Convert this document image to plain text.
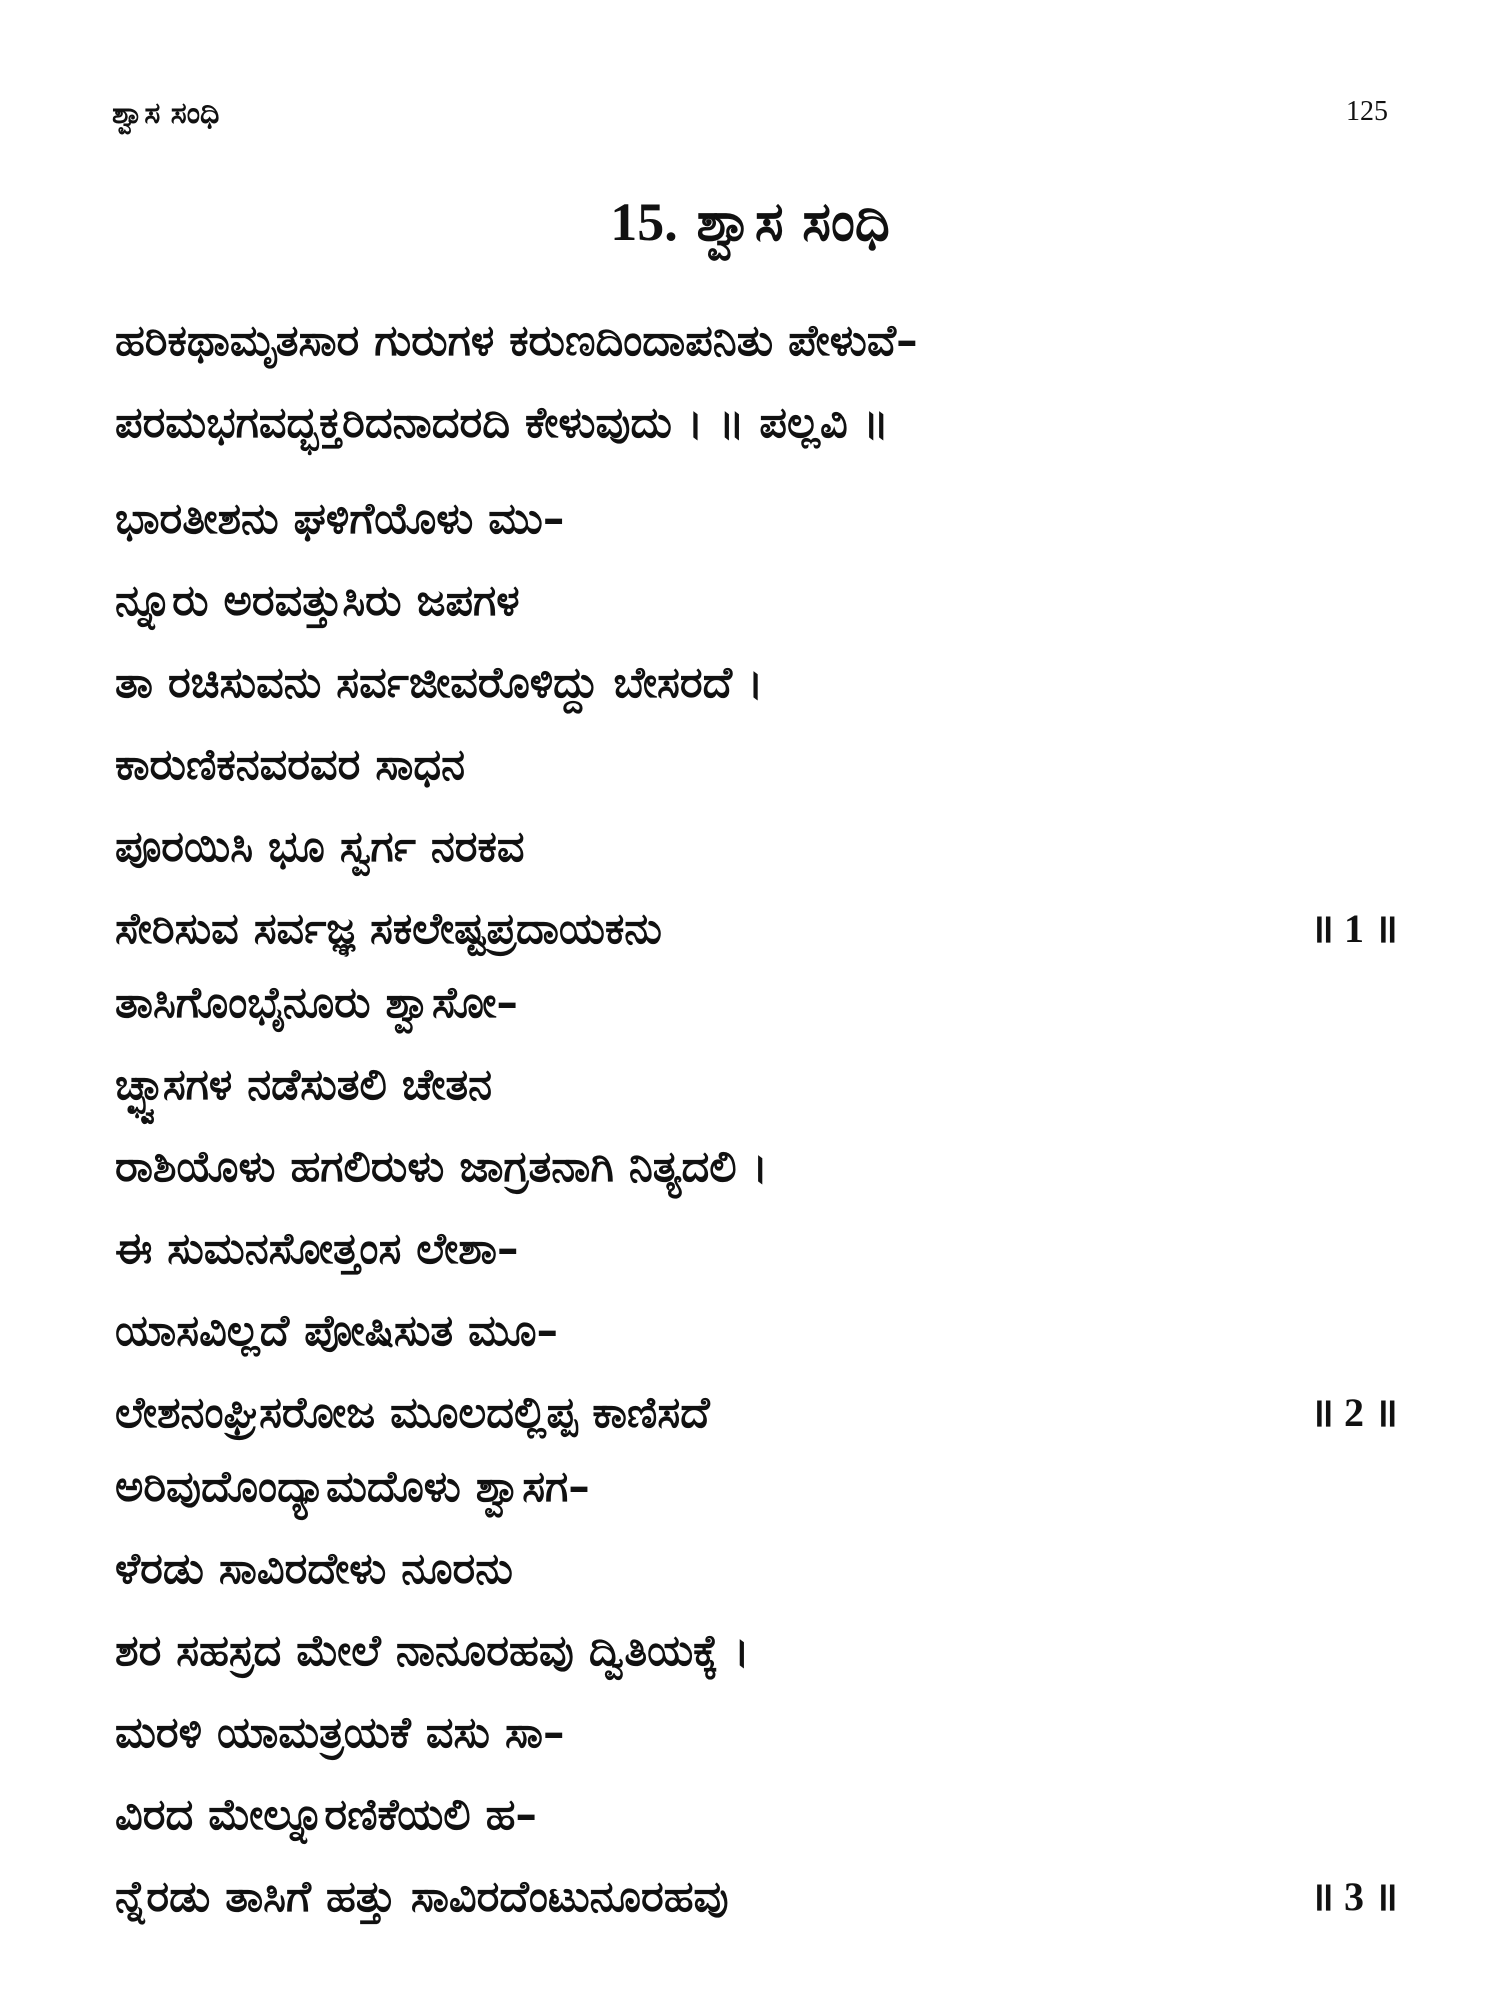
ಶ್ವಾಸ ಸಂಧಿ	125
15. ಶ್ವಾಸ ಸಂಧಿ
ಹರಿಕಥಾಮೃತಸಾರ ಗುರುಗಳ ಕರುಣದಿಂದಾಪನಿತು ಪೇಳುವೆ–
ಪರಮಭಗವದ್ಭಕ್ತರಿದನಾದರದಿ ಕೇಳುವುದು । ॥ ಪಲ್ಲವಿ ॥
ಭಾರತೀಶನು ಘಳಿಗೆಯೊಳು ಮು–
ನ್ನೂರು ಅರವತ್ತುಸಿರು ಜಪಗಳ
ತಾ ರಚಿಸುವನು ಸರ್ವಜೀವರೊಳಿದ್ದು ಬೇಸರದೆ ।
ಕಾರುಣಿಕನವರವರ ಸಾಧನ
ಪೂರಯಿಸಿ ಭೂ ಸ್ವರ್ಗ ನರಕವ
ಸೇರಿಸುವ ಸರ್ವಜ್ಞ ಸಕಲೇಷ್ಟಪ್ರದಾಯಕನು	॥ 1 ॥
ತಾಸಿಗೊಂಭೈನೂರು ಶ್ವಾಸೋ–
ಚ್ಛ್ವಾಸಗಳ ನಡೆಸುತಲಿ ಚೇತನ
ರಾಶಿಯೊಳು ಹಗಲಿರುಳು ಜಾಗ್ರತನಾಗಿ ನಿತ್ಯದಲಿ ।
ಈ ಸುಮನಸೋತ್ತಂಸ ಲೇಶಾ–
ಯಾಸವಿಲ್ಲದೆ ಪೋಷಿಸುತ ಮೂ–
ಲೇಶನಂಘ್ರಿಸರೋಜ ಮೂಲದಲ್ಲಿಪ್ಪ ಕಾಣಿಸದೆ	॥ 2 ॥
ಅರಿವುದೊಂದ್ಯಾಮದೊಳು ಶ್ವಾಸಗ–
ಳೆರಡು ಸಾವಿರದೇಳು ನೂರನು
ಶರ ಸಹಸ್ರದ ಮೇಲೆ ನಾನೂರಹವು ದ್ವಿತಿಯಕ್ಕೆ ।
ಮರಳಿ ಯಾಮತ್ರಯಕೆ ವಸು ಸಾ–
ವಿರದ ಮೇಲ್ನೂರಣಿಕೆಯಲಿ ಹ–
ನ್ನೆರಡು ತಾಸಿಗೆ ಹತ್ತು ಸಾವಿರದೆಂಟುನೂರಹವು	॥ 3 ॥
